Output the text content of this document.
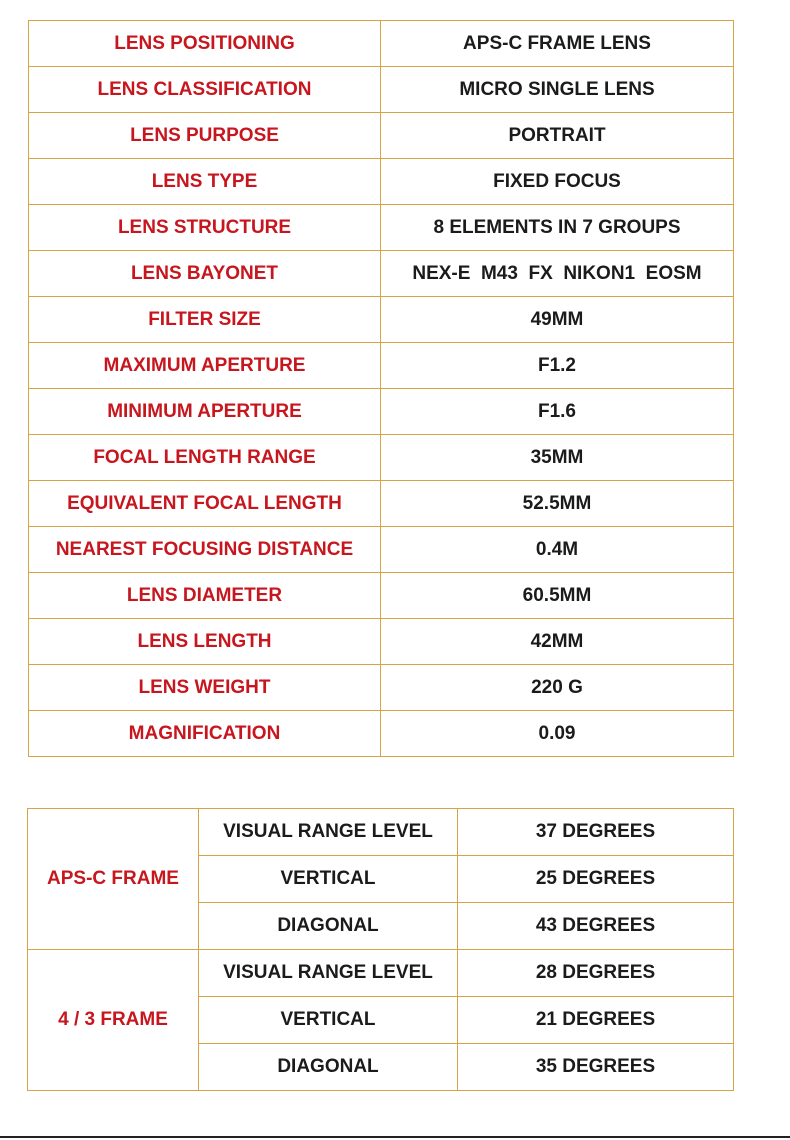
LENS POSITIONING	APS-C FRAME LENS
LENS CLASSIFICATION	MICRO SINGLE LENS
LENS PURPOSE	PORTRAIT
LENS TYPE	FIXED FOCUS
LENS STRUCTURE	8 ELEMENTS IN 7 GROUPS
LENS BAYONET	NEX-E  M43  FX  NIKON1  EOSM
FILTER SIZE	49MM
MAXIMUM APERTURE	F1.2
MINIMUM APERTURE	F1.6
FOCAL LENGTH RANGE	35MM
EQUIVALENT FOCAL LENGTH	52.5MM
NEAREST FOCUSING DISTANCE	0.4M
LENS DIAMETER	60.5MM
LENS LENGTH	42MM
LENS WEIGHT	220 G
MAGNIFICATION	0.09
APS-C FRAME	VISUAL RANGE LEVEL	37 DEGREES
	VERTICAL	25 DEGREES
	DIAGONAL	43 DEGREES
4 / 3 FRAME	VISUAL RANGE LEVEL	28 DEGREES
	VERTICAL	21 DEGREES
	DIAGONAL	35 DEGREES
